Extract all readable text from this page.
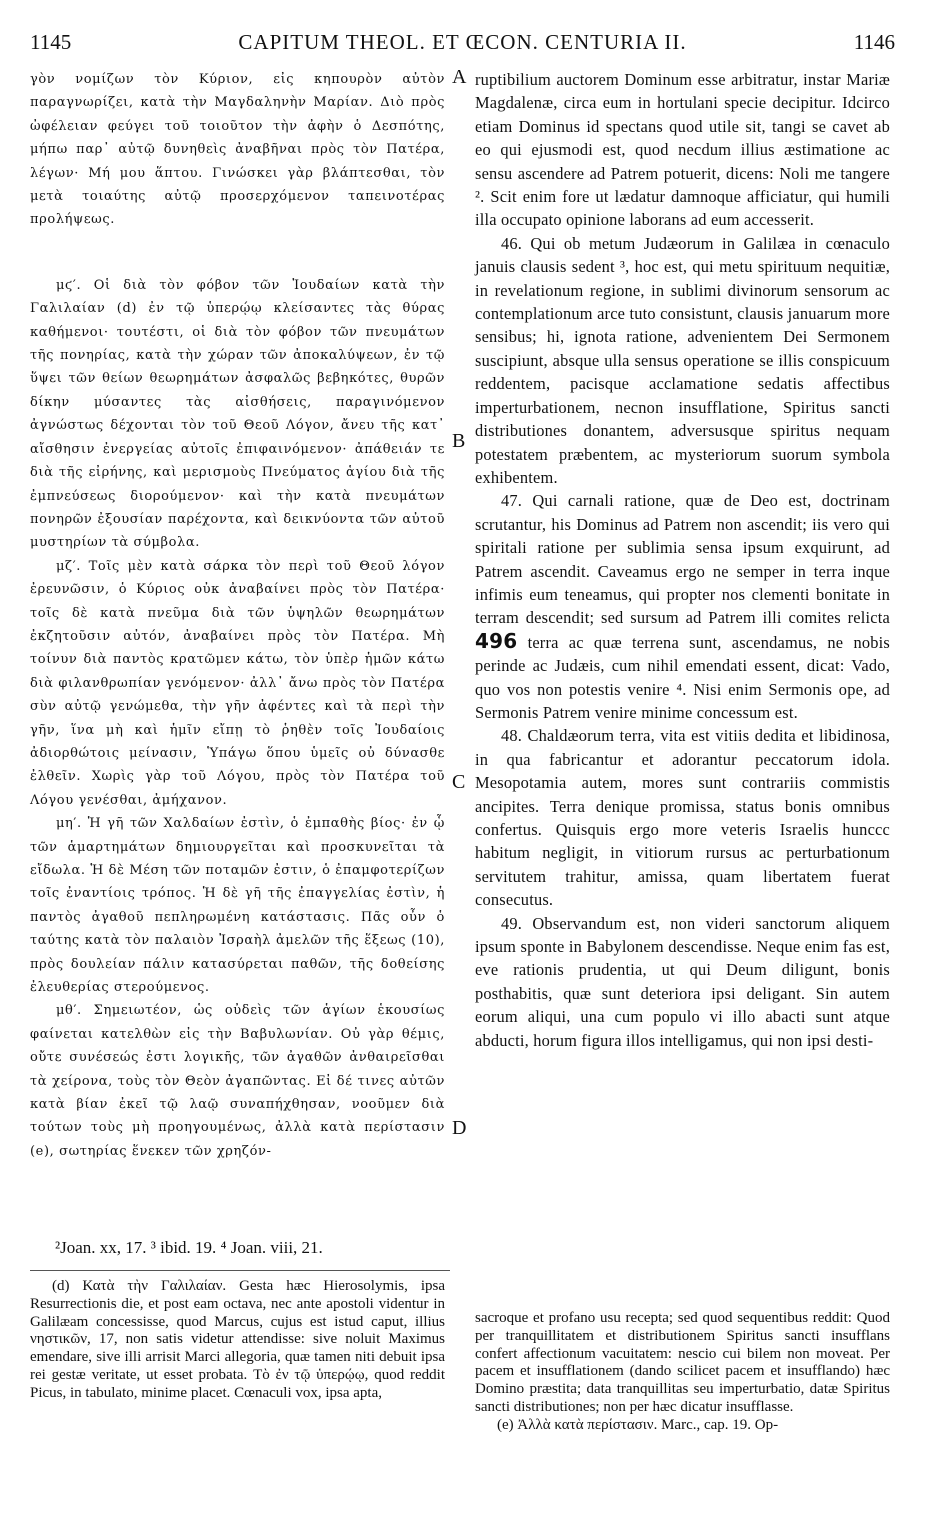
1145	CAPITUM THEOL. ET ŒCON. CENTURIA II.	1146

γὸν νομίζων τὸν Κύριον, εἰς κηπουρὸν αὐτὸν παραγνωρίζει, κατὰ τὴν Μαγδαληνὴν Μαρίαν. Διὸ πρὸς ὠφέλειαν φεύγει τοῦ τοιοῦτον τὴν ἀφὴν ὁ Δεσπότης, μήπω παρ᾽ αὐτῷ δυνηθεὶς ἀναβῆναι πρὸς τὸν Πατέρα, λέγων· Μή μου ἅπτου. Γινώσκει γὰρ βλάπτεσθαι, τὸν μετὰ τοιαύτης αὐτῷ προσερχόμενον ταπεινοτέρας προλήψεως.

μϛ′. Οἱ διὰ τὸν φόβον τῶν Ἰουδαίων κατὰ τὴν Γαλιλαίαν (d) ἐν τῷ ὑπερῴῳ κλείσαντες τὰς θύρας καθήμενοι· τουτέστι, οἱ διὰ τὸν φόβον τῶν πνευμάτων τῆς πονηρίας, κατὰ τὴν χώραν τῶν ἀποκαλύψεων, ἐν τῷ ὕψει τῶν θείων θεωρημάτων ἀσφαλῶς βεβηκότες, θυρῶν δίκην μύσαντες τὰς αἰσθήσεις, παραγινόμενον ἀγνώστως δέχονται τὸν τοῦ Θεοῦ Λόγον, ἄνευ τῆς κατ᾽ αἴσθησιν ἐνεργείας αὐτοῖς ἐπιφαινόμενον· ἀπάθειάν τε διὰ τῆς εἰρήνης, καὶ μερισμοὺς Πνεύματος ἁγίου διὰ τῆς ἐμπνεύσεως διορούμενον· καὶ τὴν κατὰ πνευμάτων πονηρῶν ἐξουσίαν παρέχοντα, καὶ δεικνύοντα τῶν αὐτοῦ μυστηρίων τὰ σύμβολα.

μζ′. Τοῖς μὲν κατὰ σάρκα τὸν περὶ τοῦ Θεοῦ λόγον ἐρευνῶσιν, ὁ Κύριος οὐκ ἀναβαίνει πρὸς τὸν Πατέρα· τοῖς δὲ κατὰ πνεῦμα διὰ τῶν ὑψηλῶν θεωρημάτων ἐκζητοῦσιν αὐτόν, ἀναβαίνει πρὸς τὸν Πατέρα. Μὴ τοίνυν διὰ παντὸς κρατῶμεν κάτω, τὸν ὑπὲρ ἡμῶν κάτω διὰ φιλανθρωπίαν γενόμενον· ἀλλ᾽ ἄνω πρὸς τὸν Πατέρα σὺν αὐτῷ γενώμεθα, τὴν γῆν ἀφέντες καὶ τὰ περὶ τὴν γῆν, ἵνα μὴ καὶ ἡμῖν εἴπῃ τὸ ῥηθὲν τοῖς Ἰουδαίοις ἀδιορθώτοις μείνασιν, Ὑπάγω ὅπου ὑμεῖς οὐ δύνασθε ἐλθεῖν. Χωρὶς γὰρ τοῦ Λόγου, πρὸς τὸν Πατέρα τοῦ Λόγου γενέσθαι, ἀμήχανον.

μη′. Ἡ γῆ τῶν Χαλδαίων ἐστὶν, ὁ ἐμπαθὴς βίος· ἐν ᾧ τῶν ἁμαρτημάτων δημιουργεῖται καὶ προσκυνεῖται τὰ εἴδωλα. Ἡ δὲ Μέση τῶν ποταμῶν ἐστιν, ὁ ἐπαμφοτερίζων τοῖς ἐναντίοις τρόπος. Ἡ δὲ γῆ τῆς ἐπαγγελίας ἐστὶν, ἡ παντὸς ἀγαθοῦ πεπληρωμένη κατάστασις. Πᾶς οὖν ὁ ταύτης κατὰ τὸν παλαιὸν Ἰσραὴλ ἀμελῶν τῆς ἕξεως (10), πρὸς δουλείαν πάλιν κατασύρεται παθῶν, τῆς δοθείσης ἐλευθερίας στερούμενος.

μθ′. Σημειωτέον, ὡς οὐδεὶς τῶν ἁγίων ἑκουσίως φαίνεται κατελθὼν εἰς τὴν Βαβυλωνίαν. Οὐ γὰρ θέμις, οὔτε συνέσεώς ἐστι λογικῆς, τῶν ἀγαθῶν ἀνθαιρεῖσθαι τὰ χείρονα, τοὺς τὸν Θεὸν ἀγαπῶντας. Εἰ δέ τινες αὐτῶν κατὰ βίαν ἐκεῖ τῷ λαῷ συναπήχθησαν, νοοῦμεν διὰ τούτων τοὺς μὴ προηγουμένως, ἀλλὰ κατὰ περίστασιν (e), σωτηρίας ἕνεκεν τῶν χρηζόν-

A
B
C
D

ruptibilium auctorem Dominum esse arbitratur, instar Mariæ Magdalenæ, circa eum in hortulani specie decipitur. Idcirco etiam Dominus id spectans quod utile sit, tangi se cavet ab eo qui ejusmodi est, quod necdum illius æstimatione ac sensu ascendere ad Patrem potuerit, dicens: Noli me tangere ². Scit enim fore ut lædatur damnoque afficiatur, qui humili illa occupato opinione laborans ad eum accesserit.

46. Qui ob metum Judæorum in Galilæa in cœnaculo januis clausis sedent ³, hoc est, qui metu spirituum nequitiæ, in revelationum regione, in sublimi divinorum sensorum ac contemplationum arce tuto consistunt, clausis januarum more sensibus; hi, ignota ratione, advenientem Dei Sermonem suscipiunt, absque ulla sensus operatione se illis conspicuum reddentem, pacisque acclamatione sedatis affectibus imperturbationem, necnon insufflatione, Spiritus sancti distributiones donantem, adversusque spiritus nequam potestatem præbentem, ac mysteriorum suorum symbola exhibentem.

47. Qui carnali ratione, quæ de Deo est, doctrinam scrutantur, his Dominus ad Patrem non ascendit; iis vero qui spiritali ratione per sublimia sensa ipsum exquirunt, ad Patrem ascendit. Caveamus ergo ne semper in terra inque infimis eum teneamus, qui propter nos clementi bonitate in terram descendit; sed sursum ad Patrem illi comites relicta 496 terra ac quæ terrena sunt, ascendamus, ne nobis perinde ac Judæis, cum nihil emendati essent, dicat: Vado, quo vos non potestis venire ⁴. Nisi enim Sermonis ope, ad Sermonis Patrem venire minime concessum est.

48. Chaldæorum terra, vita est vitiis dedita et libidinosa, in qua fabricantur et adorantur peccatorum idola. Mesopotamia autem, mores sunt contrariis commistis ancipites. Terra denique promissa, status bonis omnibus confertus. Quisquis ergo more veteris Israelis hunccc habitum negligit, in vitiorum rursus ac perturbationum servitutem trahitur, amissa, quam libertatem fuerat consecutus.

49. Observandum est, non videri sanctorum aliquem ipsum sponte in Babylonem descendisse. Neque enim fas est, eve rationis prudentia, ut qui Deum diligunt, bonis posthabitis, quæ sunt deteriora ipsi deligant. Sin autem eorum aliqui, una cum populo vi illo abacti sunt atque abducti, horum figura illos intelligamus, qui non ipsi desti-

²Joan. xx, 17. ³ ibid. 19. ⁴ Joan. viii, 21.

(d) Κατὰ τὴν Γαλιλαίαν. Gesta hæc Hierosolymis, ipsa Resurrectionis die, et post eam octava, nec ante apostoli videntur in Galilæam concessisse, quod Marcus, cujus est istud caput, illius νηστικῶν, 17, non satis videtur attendisse: sive noluit Maximus emendare, sive illi arrisit Marci allegoria, quæ tamen niti debuit ipsa rei gestæ veritate, ut esset probata. Τὸ ἐν τῷ ὑπερῴῳ, quod reddit Picus, in tabulato, minime placet. Cœnaculi vox, ipsa apta,

sacroque et profano usu recepta; sed quod sequentibus reddit: Quod per tranquillitatem et distributionem Spiritus sancti insufflans confert affectionum vacuitatem: nescio cui bilem non moveat. Per pacem et insufflationem (dando scilicet pacem et insufflando) hæc Domino præstita; data tranquillitas seu imperturbatio, datæ Spiritus sancti distributiones; non per hæc dicatur insufflasse.

(e) Ἀλλὰ κατὰ περίστασιν. Marc., cap. 19. Op-
